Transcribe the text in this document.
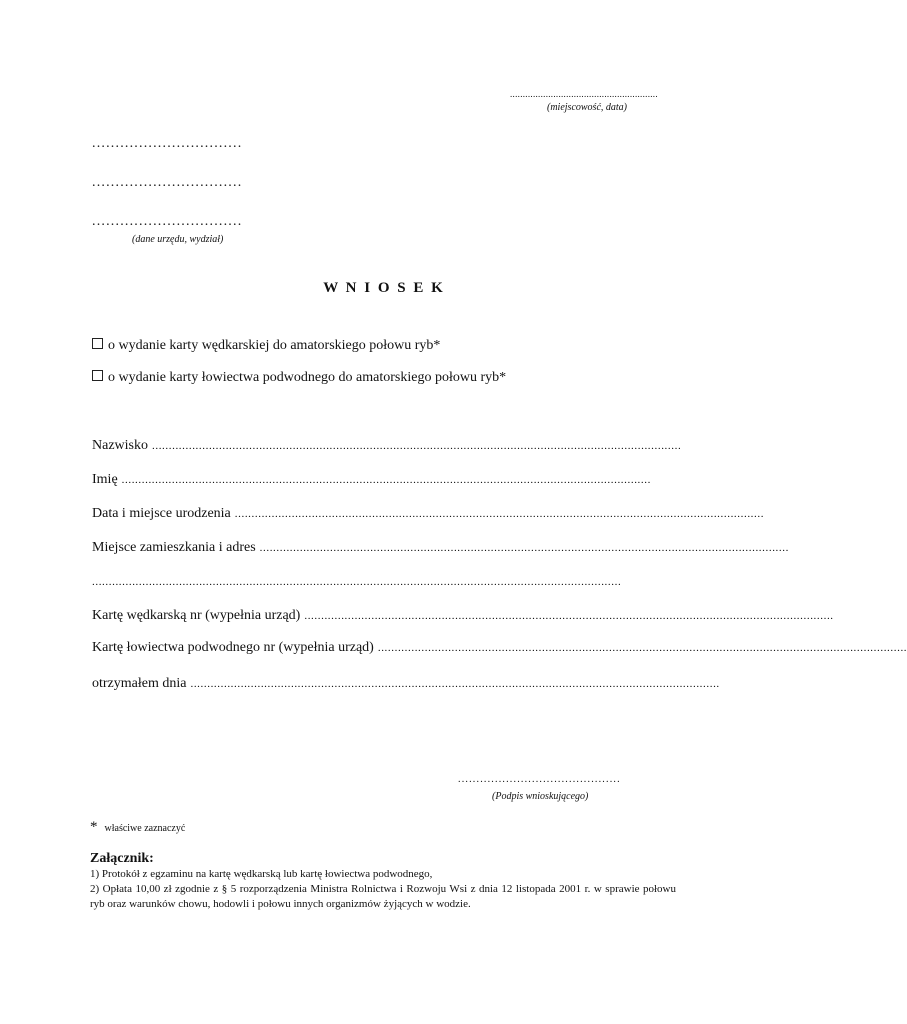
..........................................................
(miejscowość, data)
................................
................................
................................
(dane urzędu, wydział)
W N I O S E K
o wydanie karty wędkarskiej do amatorskiego połowu ryb*
o wydanie karty łowiectwa podwodnego do amatorskiego połowu ryb*
Nazwisko ..............................................................................................................................................................
Imię ..............................................................................................................................................................
Data i miejsce urodzenia ..............................................................................................................................................................
Miejsce zamieszkania i adres ..............................................................................................................................................................
..............................................................................................................................................................
Kartę wędkarską nr (wypełnia urząd) ..............................................................................................................................................................
Kartę łowiectwa podwodnego nr (wypełnia urząd) ..............................................................................................................................................................
otrzymałem dnia ..............................................................................................................................................................
............................................
(Podpis wnioskującego)
* właściwe zaznaczyć
Załącznik:
1) Protokół z egzaminu na kartę wędkarską lub kartę łowiectwa podwodnego,
2) Opłata 10,00 zł zgodnie z § 5 rozporządzenia Ministra Rolnictwa i Rozwoju Wsi z dnia 12 listopada 2001 r. w sprawie połowu ryb oraz warunków chowu, hodowli i połowu innych organizmów żyjących w wodzie.
